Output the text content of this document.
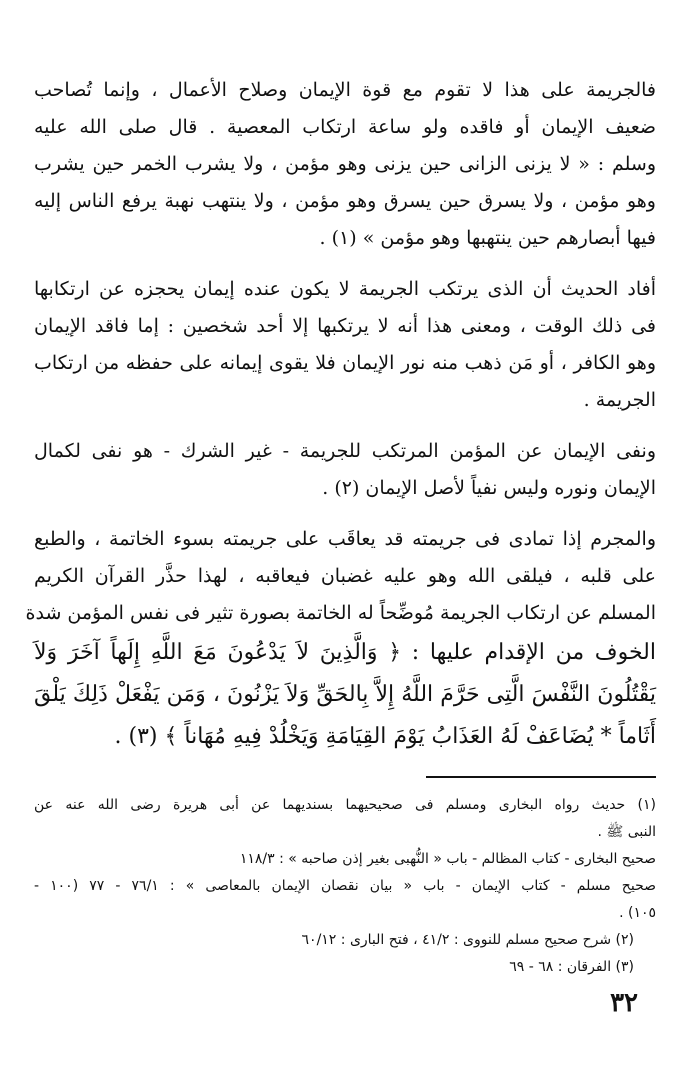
فالجريمة على هذا لا تقوم مع قوة الإيمان وصلاح الأعمال ، وإنما تُصاحب
ضعيف الإيمان أو فاقده ولو ساعة ارتكاب المعصية . قال صلى الله عليه
وسلم : « لا يزنى الزانى حين يزنى وهو مؤمن ، ولا يشرب الخمر حين يشرب
وهو مؤمن ، ولا يسرق حين يسرق وهو مؤمن ، ولا ينتهب نهبة يرفع الناس إليه
فيها أبصارهم حين ينتهبها وهو مؤمن » (١) .
أفاد الحديث أن الذى يرتكب الجريمة لا يكون عنده إيمان يحجزه عن ارتكابها
فى ذلك الوقت ، ومعنى هذا أنه لا يرتكبها إلا أحد شخصين : إما فاقد الإيمان
وهو الكافر ، أو مَن ذهب منه نور الإيمان فلا يقوى إيمانه على حفظه من ارتكاب
الجريمة .
ونفى الإيمان عن المؤمن المرتكب للجريمة - غير الشرك - هو نفى لكمال
الإيمان ونوره وليس نفياً لأصل الإيمان (٢) .
والمجرم إذا تمادى فى جريمته قد يعاقَب على جريمته بسوء الخاتمة ، والطبع
على قلبه ، فيلقى الله وهو عليه غضبان فيعاقبه ، لهذا حذَّر القرآن الكريم
المسلم عن ارتكاب الجريمة مُوضِّحاً له الخاتمة بصورة تثير فى نفس المؤمن شدة
الخوف من الإقدام عليها : ﴿ وَالَّذِينَ لاَ يَدْعُونَ مَعَ اللَّهِ إِلَهاً آخَرَ وَلاَ
يَقْتُلُونَ النَّفْسَ الَّتِى حَرَّمَ اللَّهُ إِلاَّ بِالحَقِّ وَلاَ يَزْنُونَ ، وَمَن يَفْعَلْ ذَلِكَ يَلْقَ
أَثَاماً * يُضَاعَفْ لَهُ العَذَابُ يَوْمَ القِيَامَةِ وَيَخْلُدْ فِيهِ مُهَاناً ﴾ (٣) .
(١) حديث رواه البخارى ومسلم فى صحيحيهما بسنديهما عن أبى هريرة رضى الله عنه عن
النبى ﷺ .
صحيح البخارى - كتاب المظالم - باب « النُّهبى بغير إذن صاحبه » : ١١٨/٣
صحيح مسلم - كتاب الإيمان - باب « بيان نقصان الإيمان بالمعاصى » : ٧٦/١ - ٧٧ (١٠٠ -
١٠٥) .
(٢) شرح صحيح مسلم للنووى : ٤١/٢ ، فتح البارى : ٦٠/١٢
(٣) الفرقان : ٦٨ - ٦٩
٣٢
